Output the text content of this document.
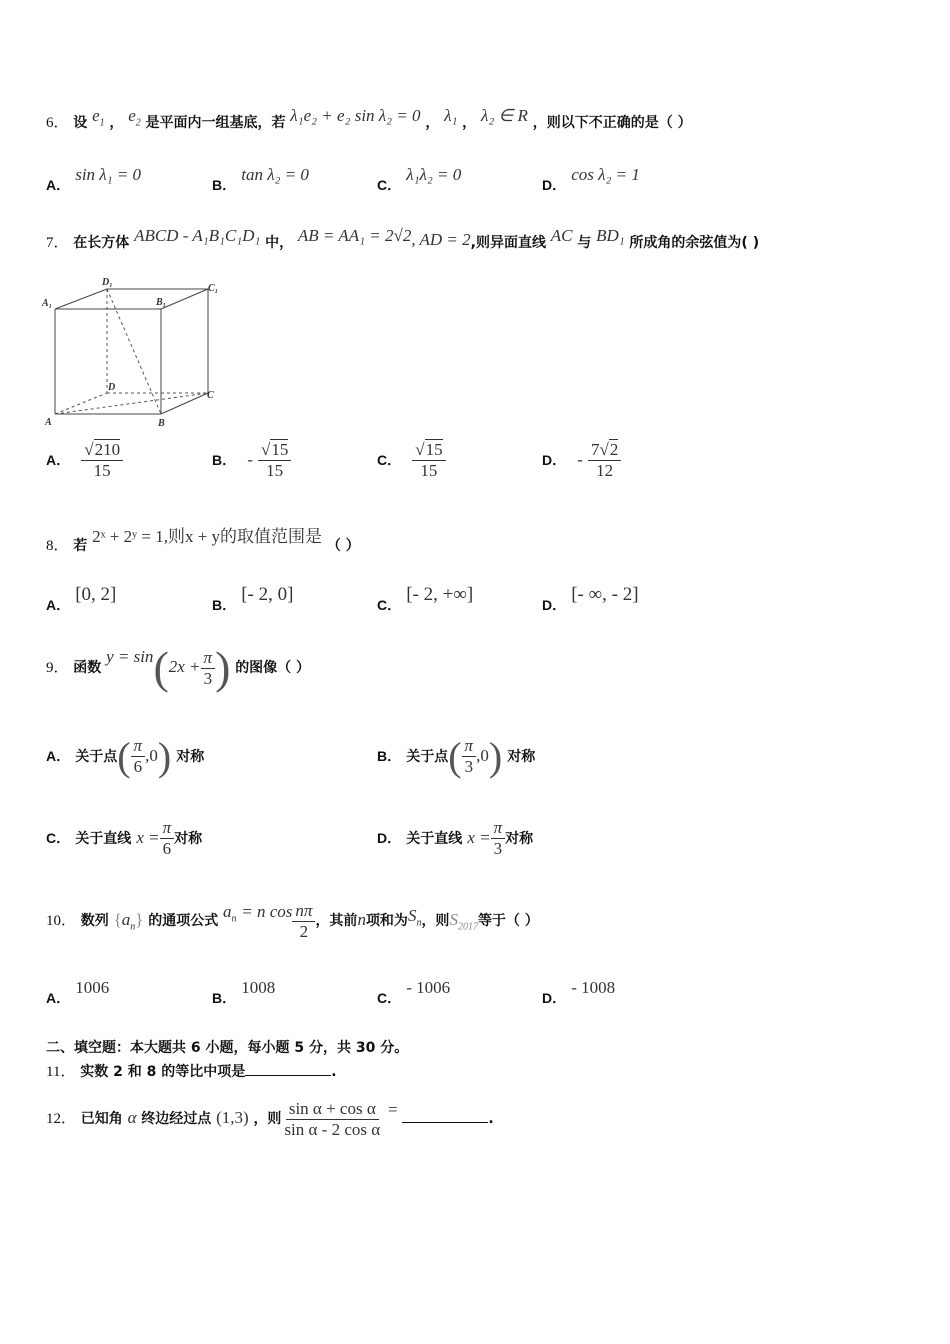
6． 设 $e_1$ ， $e_2$ 是平面内一组基底，若 λ₁e₂ + e₂ sin λ₂ = 0 ， λ₁ ， λ₂ ∈ R ，则以下不正确的是（ ）
A． sin λ₁ = 0
B． tan λ₂ = 0
C． λ₁λ₂ = 0
D． cos λ₂ = 1
7． 在长方体 ABCD - A₁B₁C₁D₁ 中， AB = AA₁ = 2√2, AD = 2,则异面直线 AC 与 BD₁ 所成角的余弦值为( )
A₁
D₁
B₁
C₁
A	B
C
D
A． $\frac{√210}{15}$	B． - $\frac{√15}{15}$	C． $\frac{√15}{15}$	D． - $\frac{7√2}{12}$
8． 若 2ˣ + 2ʸ = 1,则x + y的取值范围是 （ ）
A． [0, 2]	B． [- 2, 0]	C． [- 2, +∞]	D． [- ∞, - 2]
9． 函数 $y = \sin(2x + \frac{\pi}{3}$ ) 的图像（ ）
A． 关于点( $\frac{\pi}{6} ,0$) 对称	B． 关于点( $\frac{\pi}{3} ,0$) 对称
C． 关于直线 $x = \frac{\pi}{6}$ 对称	D． 关于直线 $x = \frac{\pi}{3}$ 对称
10． 数列 $\{a_n\}$ 的通项公式 $a_n = n$ $\cos \frac{n\pi}{2}$ ，其前n项和为$S_n$，则$S_{2017}$等于（ ）
A． 1006
B． 1008
C． - 1006
D． - 1008
二、填空题：本大题共 6 小题，每小题 5 分，共 30 分。
11． 实数 2 和 8 的等比中项是	.
12． 已知角 α 终边经过点 (1,3) ，则 $\frac{\text{sin α + cos α}}{\text{sin α - 2 cos α}}$ =	.
